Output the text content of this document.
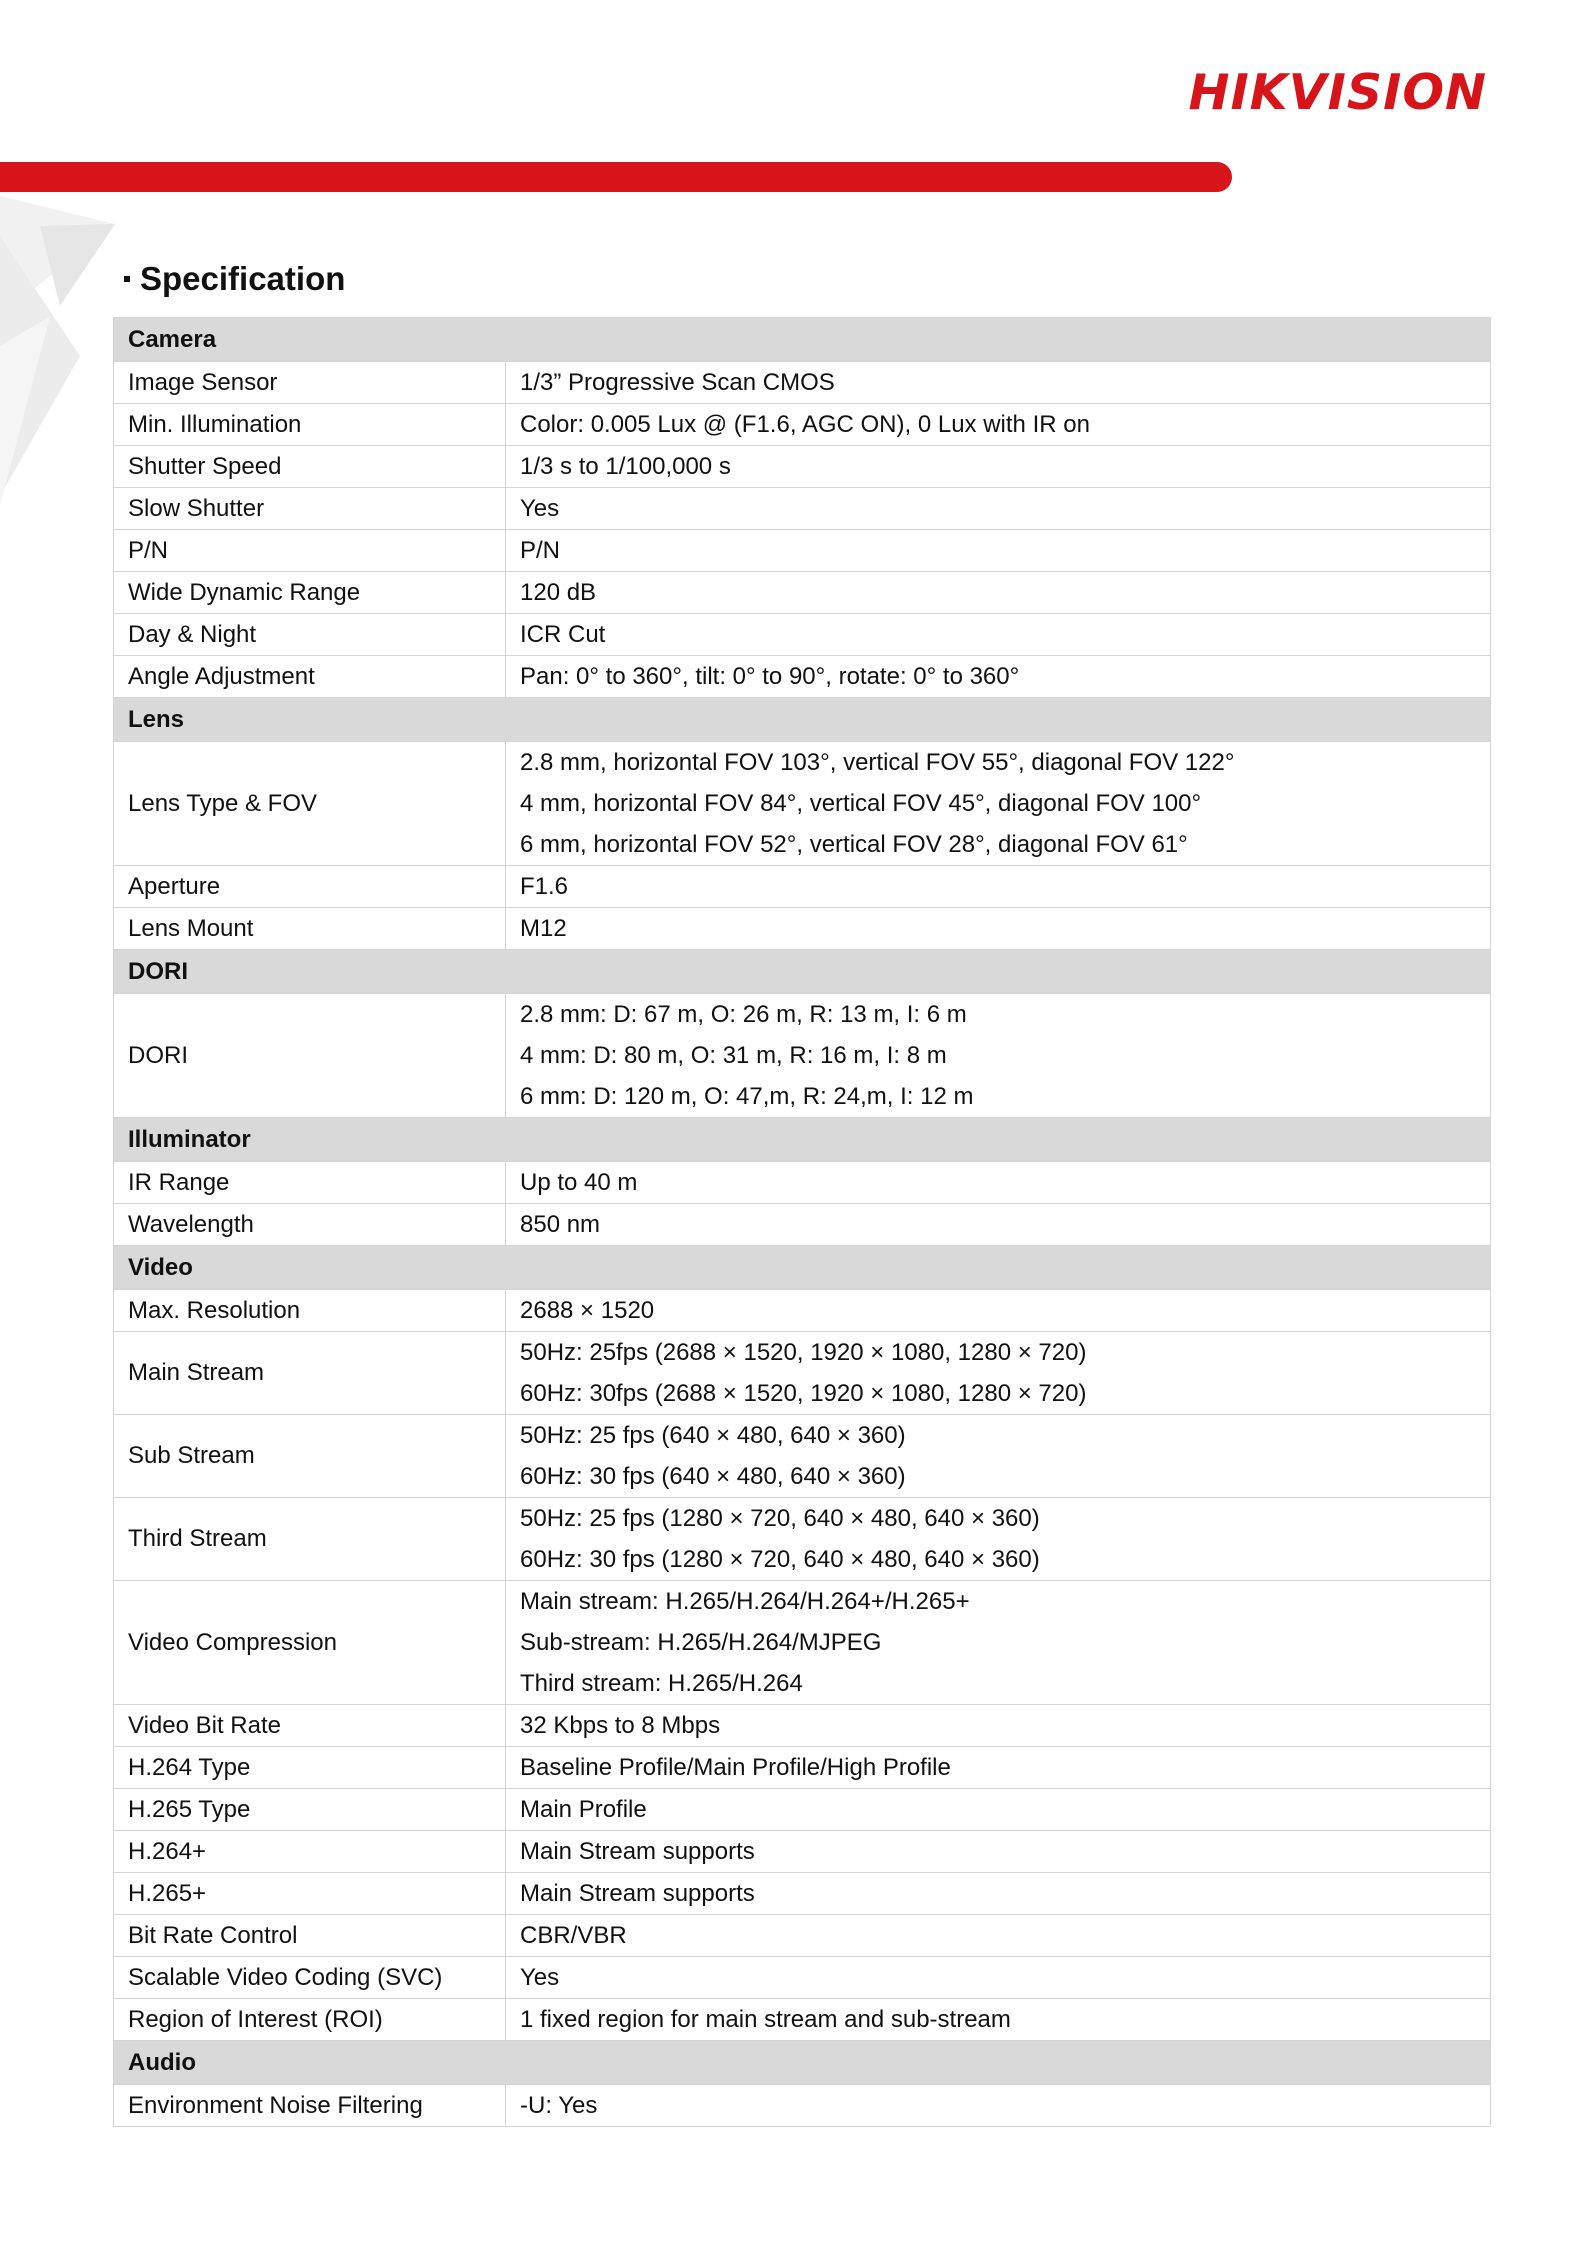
HIKVISION
Specification
Camera	
Image Sensor	1/3” Progressive Scan CMOS
Min. Illumination	Color: 0.005 Lux @ (F1.6, AGC ON), 0 Lux with IR on
Shutter Speed	1/3 s to 1/100,000 s
Slow Shutter	Yes
P/N	P/N
Wide Dynamic Range	120 dB
Day & Night	ICR Cut
Angle Adjustment	Pan: 0° to 360°, tilt: 0° to 90°, rotate: 0° to 360°
Lens	
Lens Type & FOV	2.8 mm, horizontal FOV 103°, vertical FOV 55°, diagonal FOV 122°
4 mm, horizontal FOV 84°, vertical FOV 45°, diagonal FOV 100°
6 mm, horizontal FOV 52°, vertical FOV 28°, diagonal FOV 61°

Aperture	F1.6
Lens Mount	M12
DORI	
DORI	2.8 mm: D: 67 m, O: 26 m, R: 13 m, I: 6 m
4 mm: D: 80 m, O: 31 m, R: 16 m, I: 8 m
6 mm: D: 120 m, O: 47,m, R: 24,m, I: 12 m

Illuminator	
IR Range	Up to 40 m
Wavelength	850 nm
Video	
Max. Resolution	2688 × 1520
Main Stream	50Hz: 25fps (2688 × 1520, 1920 × 1080, 1280 × 720)
60Hz: 30fps (2688 × 1520, 1920 × 1080, 1280 × 720)

Sub Stream	50Hz: 25 fps (640 × 480, 640 × 360)
60Hz: 30 fps (640 × 480, 640 × 360)

Third Stream	50Hz: 25 fps (1280 × 720, 640 × 480, 640 × 360)
60Hz: 30 fps (1280 × 720, 640 × 480, 640 × 360)

Video Compression	Main stream: H.265/H.264/H.264+/H.265+
Sub-stream: H.265/H.264/MJPEG
Third stream: H.265/H.264

Video Bit Rate	32 Kbps to 8 Mbps
H.264 Type	Baseline Profile/Main Profile/High Profile
H.265 Type	Main Profile
H.264+	Main Stream supports
H.265+	Main Stream supports
Bit Rate Control	CBR/VBR
Scalable Video Coding (SVC)	Yes
Region of Interest (ROI)	1 fixed region for main stream and sub-stream
Audio	
Environment Noise Filtering	-U: Yes
